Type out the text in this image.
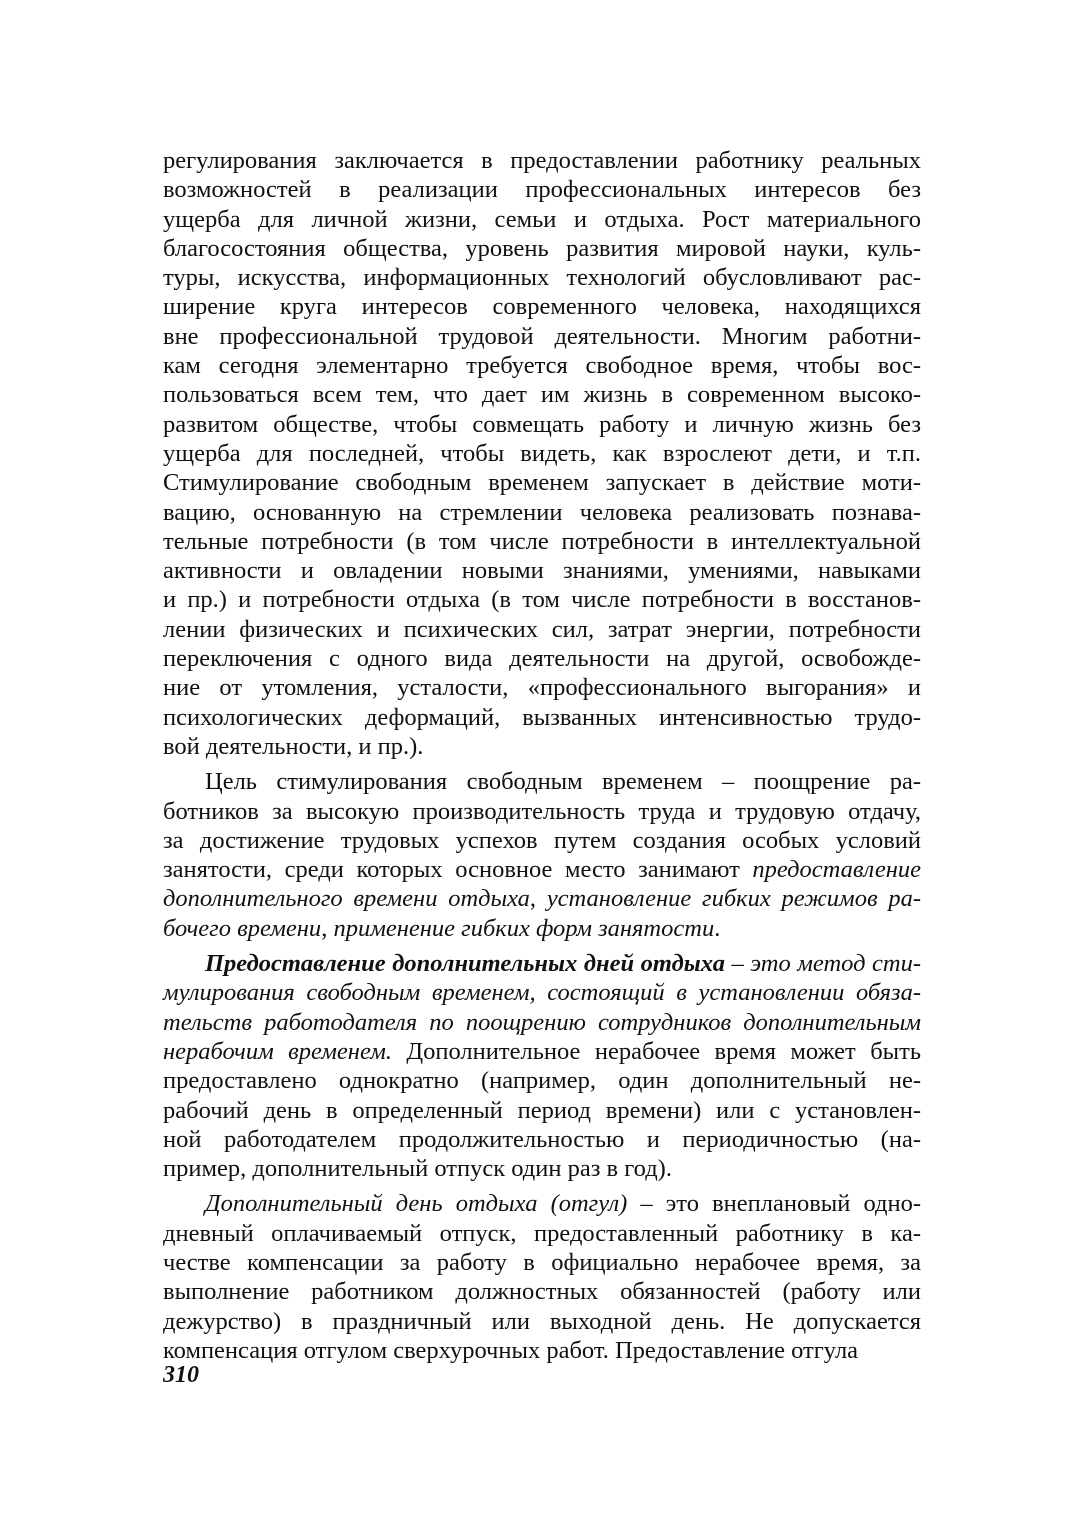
регулирования заключается в предоставлении работнику реальных
возможностей в реализации профессиональных интересов без
ущерба для личной жизни, семьи и отдыха. Рост материального
благосостояния общества, уровень развития мировой науки, куль-
туры, искусства, информационных технологий обусловливают рас-
ширение круга интересов современного человека, находящихся
вне профессиональной трудовой деятельности. Многим работни-
кам сегодня элементарно требуется свободное время, чтобы вос-
пользоваться всем тем, что дает им жизнь в современном высоко-
развитом обществе, чтобы совмещать работу и личную жизнь без
ущерба для последней, чтобы видеть, как взрослеют дети, и т.п.
Стимулирование свободным временем запускает в действие моти-
вацию, основанную на стремлении человека реализовать познава-
тельные потребности (в том числе потребности в интеллектуальной
активности и овладении новыми знаниями, умениями, навыками
и пр.) и потребности отдыха (в том числе потребности в восстанов-
лении физических и психических сил, затрат энергии, потребности
переключения с одного вида деятельности на другой, освобожде-
ние от утомления, усталости, «профессионального выгорания» и
психологических деформаций, вызванных интенсивностью трудо-
вой деятельности, и пр.).
Цель стимулирования свободным временем – поощрение ра-
ботников за высокую производительность труда и трудовую отдачу,
за достижение трудовых успехов путем создания особых условий
занятости, среди которых основное место занимают предоставление
дополнительного времени отдыха, установление гибких режимов ра-
бочего времени, применение гибких форм занятости.
Предоставление дополнительных дней отдыха – это метод сти-
мулирования свободным временем, состоящий в установлении обяза-
тельств работодателя по поощрению сотрудников дополнительным
нерабочим временем. Дополнительное нерабочее время может быть
предоставлено однократно (например, один дополнительный не-
рабочий день в определенный период времени) или с установлен-
ной работодателем продолжительностью и периодичностью (на-
пример, дополнительный отпуск один раз в год).
Дополнительный день отдыха (отгул) – это внеплановый одно-
дневный оплачиваемый отпуск, предоставленный работнику в ка-
честве компенсации за работу в официально нерабочее время, за
выполнение работником должностных обязанностей (работу или
дежурство) в праздничный или выходной день. Не допускается
компенсация отгулом сверхурочных работ. Предоставление отгула
310
